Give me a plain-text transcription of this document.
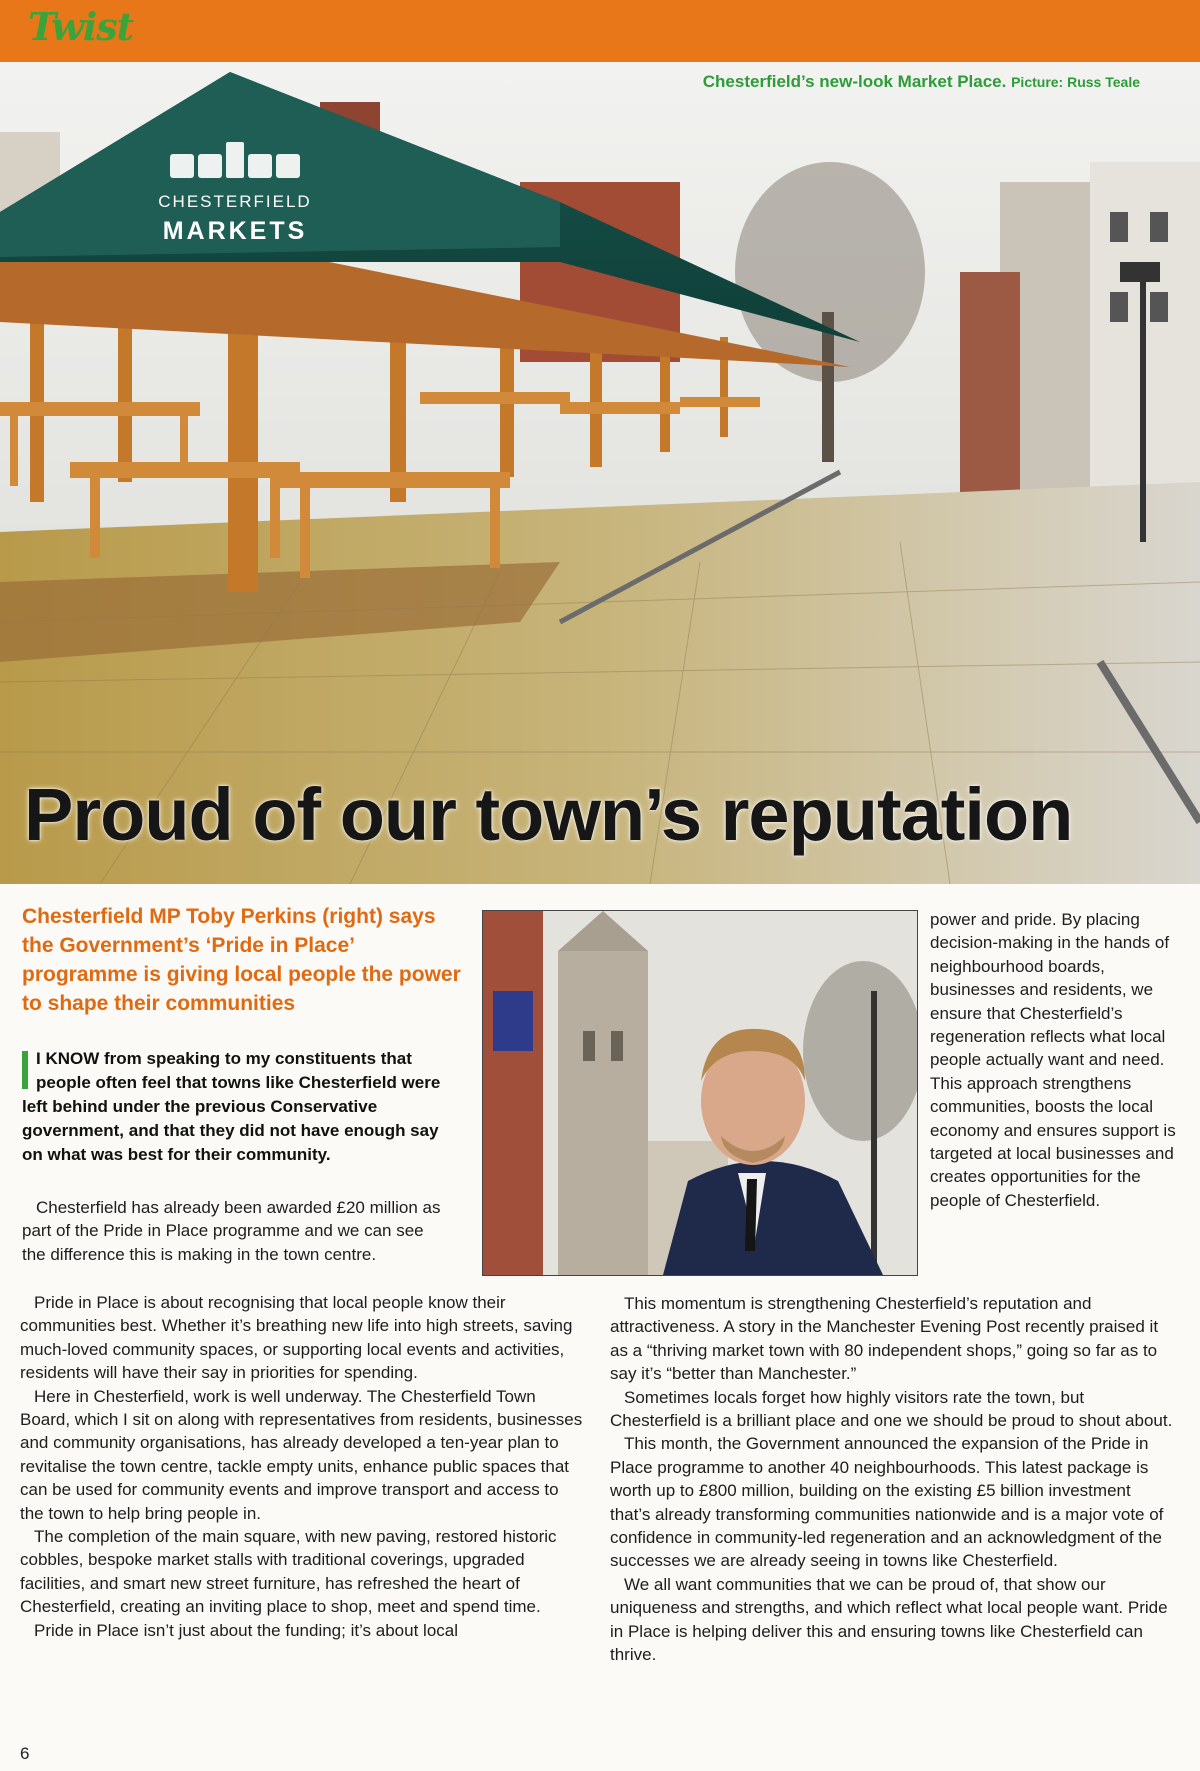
Twist
CHESTERFIELD
MARKETS
Chesterfield’s new-look Market Place. Picture: Russ Teale
Proud of our town’s reputation
Chesterfield MP Toby Perkins (right) says the Government’s ‘Pride in Place’ programme is giving local people the power to shape their communities
I KNOW from speaking to my constituents that people often feel that towns like Chesterfield were left behind under the previous Conservative government, and that they did not have enough say on what was best for their community.

Chesterfield has already been awarded £20 million as part of the Pride in Place programme and we can see the difference this is making in the town centre.

Pride in Place is about recognising that local people know their communities best. Whether it’s breathing new life into high streets, saving much-loved community spaces, or supporting local events and activities, residents will have their say in priorities for spending.

Here in Chesterfield, work is well underway. The Chesterfield Town Board, which I sit on along with representatives from residents, businesses and community organisations, has already developed a ten-year plan to revitalise the town centre, tackle empty units, enhance public spaces that can be used for community events and improve transport and access to the town to help bring people in.

The completion of the main square, with new paving, restored historic cobbles, bespoke market stalls with traditional coverings, upgraded facilities, and smart new street furniture, has refreshed the heart of Chesterfield, creating an inviting place to shop, meet and spend time.

Pride in Place isn’t just about the funding; it’s about local

power and pride. By placing decision-making in the hands of neighbourhood boards, businesses and residents, we ensure that Chesterfield’s regeneration reflects what local people actually want and need. This approach strengthens communities, boosts the local economy and ensures support is targeted at local businesses and creates opportunities for the people of Chesterfield.

This momentum is strengthening Chesterfield’s reputation and attractiveness. A story in the Manchester Evening Post recently praised it as a “thriving market town with 80 independent shops,” going so far as to say it’s “better than Manchester.”

Sometimes locals forget how highly visitors rate the town, but Chesterfield is a brilliant place and one we should be proud to shout about.

This month, the Government announced the expansion of the Pride in Place programme to another 40 neighbourhoods. This latest package is worth up to £800 million, building on the existing £5 billion investment that’s already transforming communities nationwide and is a major vote of confidence in community-led regeneration and an acknowledgment of the successes we are already seeing in towns like Chesterfield.

We all want communities that we can be proud of, that show our uniqueness and strengths, and which reflect what local people want. Pride in Place is helping deliver this and ensuring towns like Chesterfield can thrive.

6
